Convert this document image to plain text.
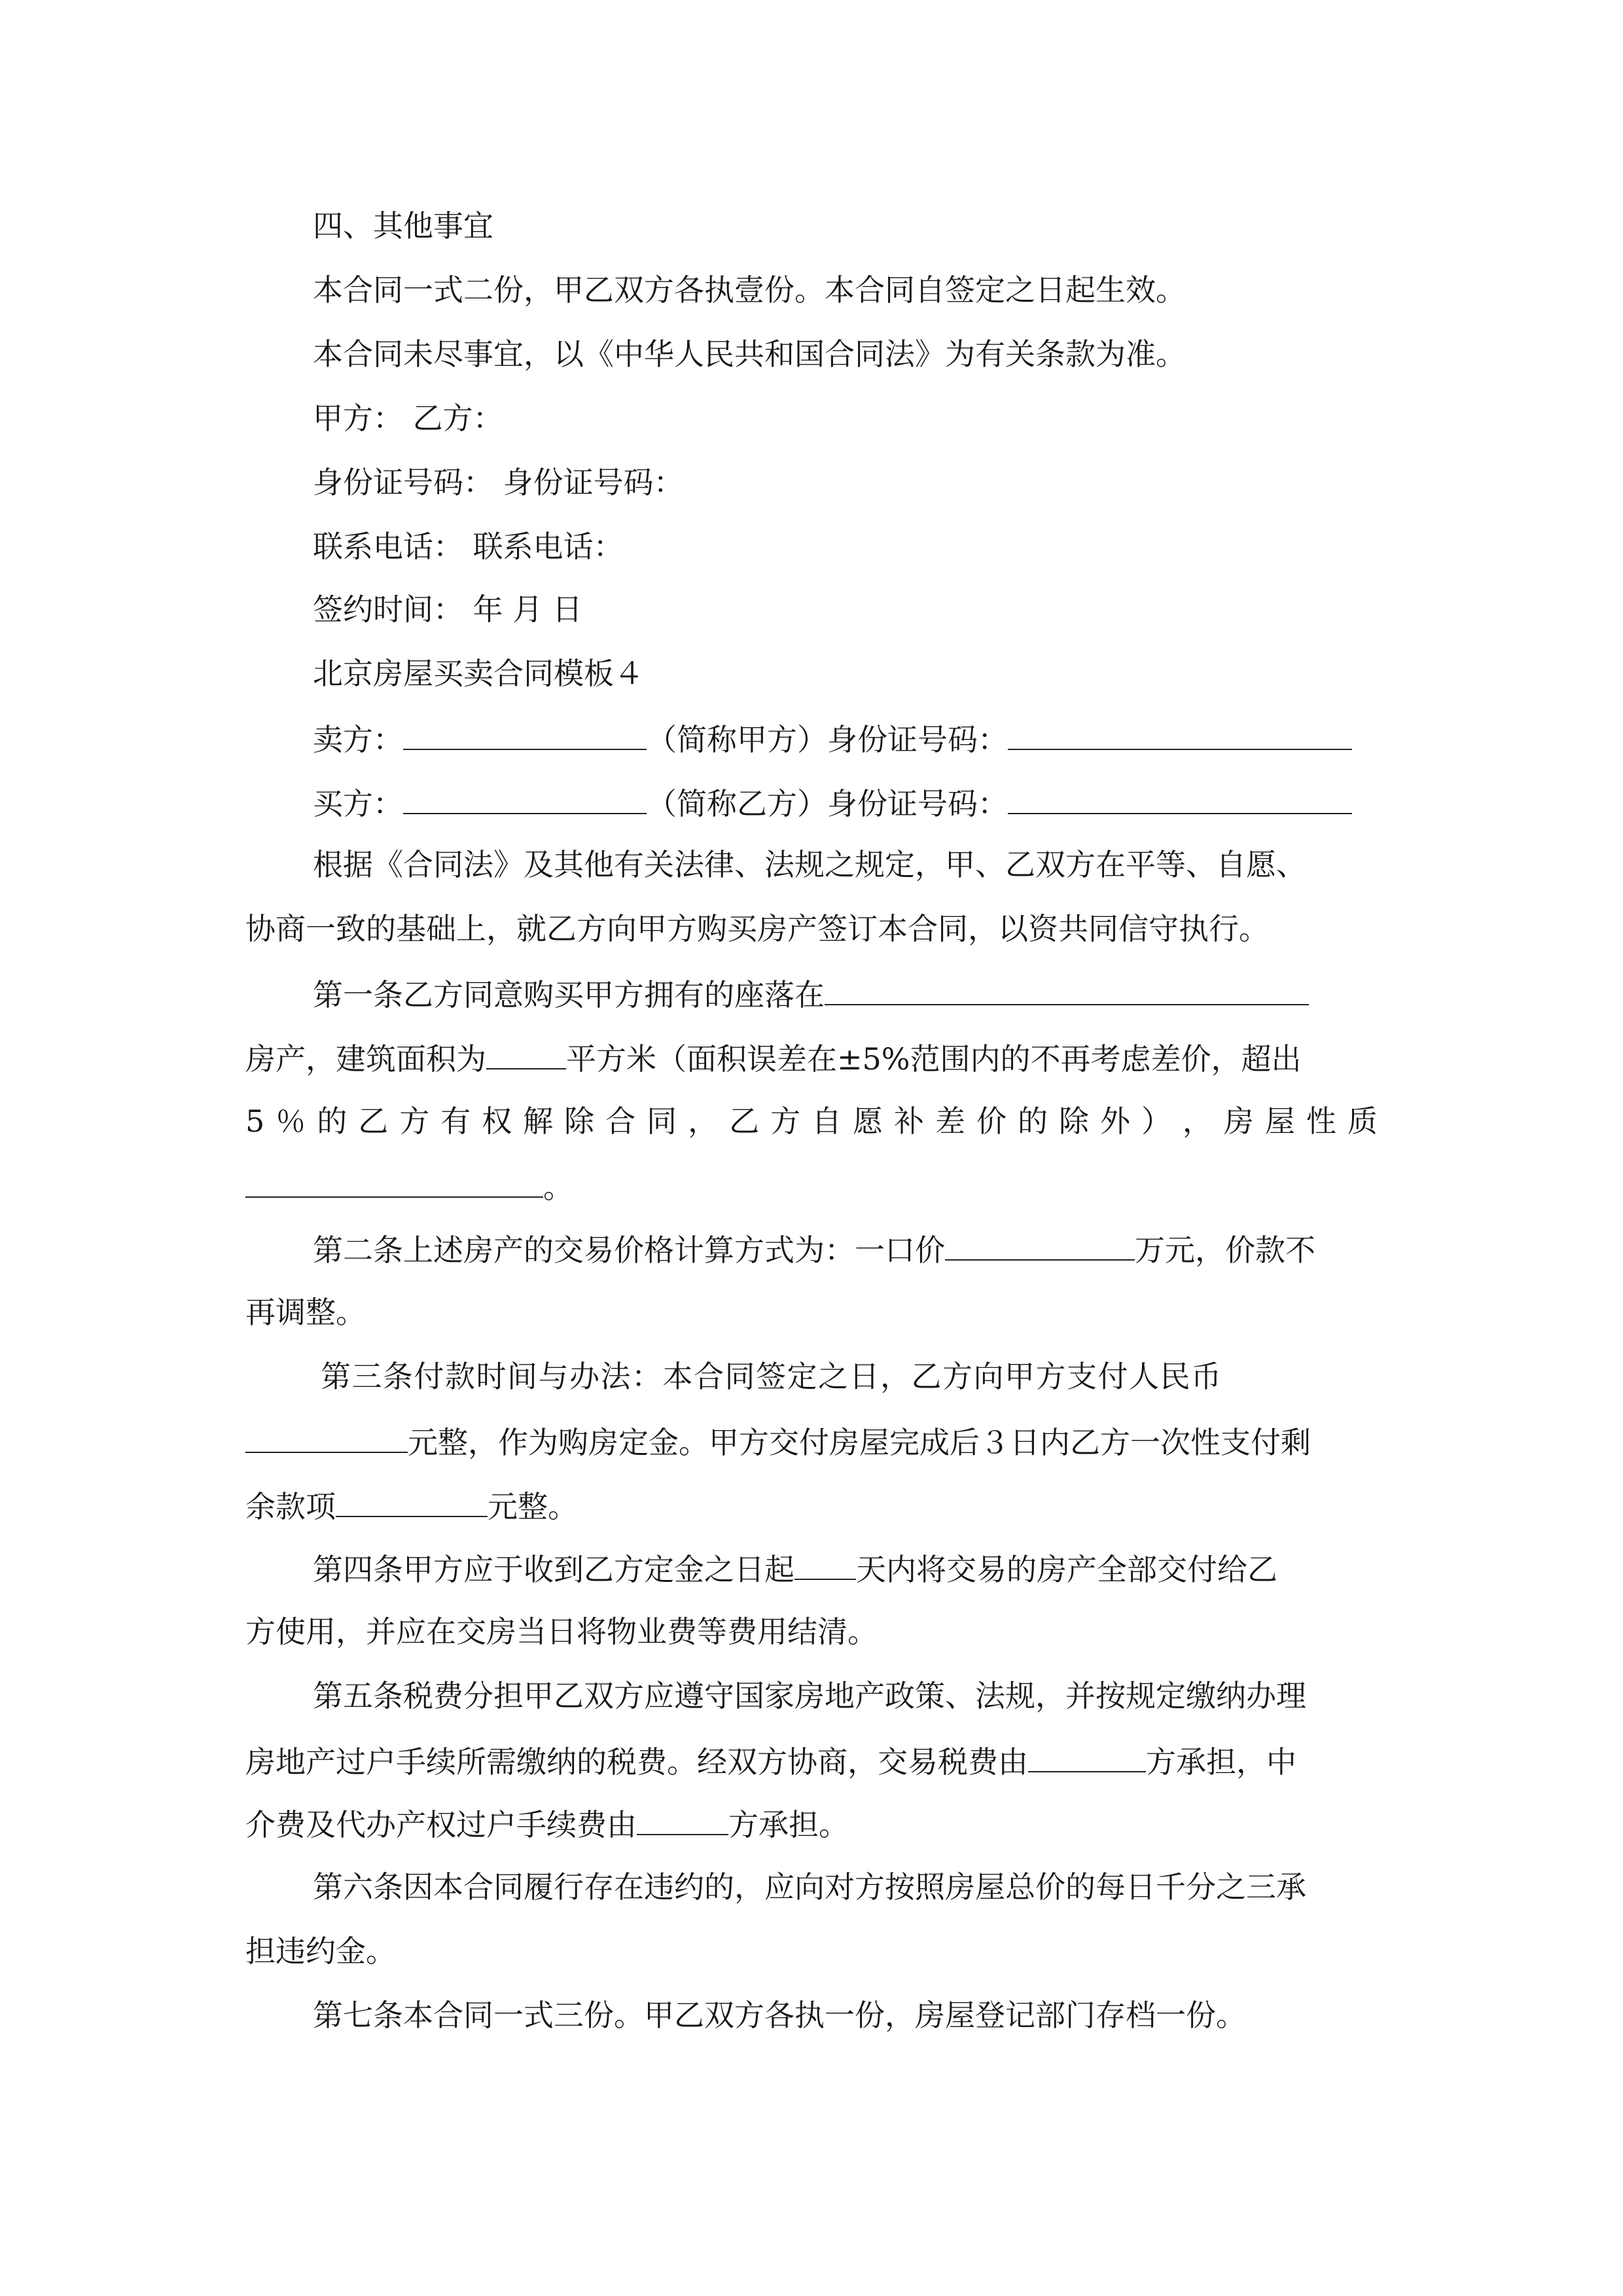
四、其他事宜
本合同一式二份，甲乙双方各执壹份。本合同自签定之日起生效。
本合同未尽事宜，以《中华人民共和国合同法》为有关条款为准。
甲方： 乙方：
身份证号码： 身份证号码：
联系电话： 联系电话：
签约时间： 年 月 日
北京房屋买卖合同模板４
卖方：	（简称甲方）身份证号码：
买方：	（简称乙方）身份证号码：
根据《合同法》及其他有关法律、法规之规定，甲、乙双方在平等、自愿、
协商一致的基础上，就乙方向甲方购买房产签订本合同，以资共同信守执行。
第一条乙方同意购买甲方拥有的座落在
房产，建筑面积为	平方米（面积误差在±5%范围内的不再考虑差价，超出
5 ％ 的 乙 方 有 权 解 除 合 同 ， 乙 方 自 愿 补 差 价 的 除 外 ） ， 房 屋 性 质
。
第二条上述房产的交易价格计算方式为：一口价	万元，价款不
再调整。
第三条付款时间与办法：本合同签定之日，乙方向甲方支付人民币
元整，作为购房定金。甲方交付房屋完成后３日内乙方一次性支付剩
余款项	元整。
第四条甲方应于收到乙方定金之日起 天内将交易的房产全部交付给乙
方使用，并应在交房当日将物业费等费用结清。
第五条税费分担甲乙双方应遵守国家房地产政策、法规，并按规定缴纳办理
房地产过户手续所需缴纳的税费。经双方协商，交易税费由	方承担，中
介费及代办产权过户手续费由	方承担。
第六条因本合同履行存在违约的，应向对方按照房屋总价的每日千分之三承
担违约金。
第七条本合同一式三份。甲乙双方各执一份，房屋登记部门存档一份。
